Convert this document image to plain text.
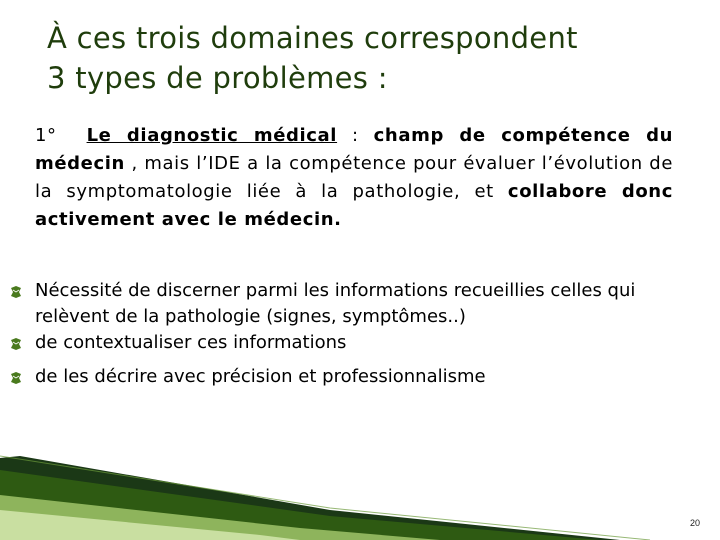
À ces trois domaines correspondent
3 types de problèmes :
1° Le diagnostic médical : champ de compétence du médecin , mais l’IDE a la compétence pour évaluer l’évolution de la symptomatologie liée à la pathologie, et collabore donc activement avec le médecin.
Nécessité de discerner parmi les informations recueillies celles qui relèvent de la pathologie (signes, symptômes..)
de contextualiser ces informations
de les décrire avec précision et professionnalisme
20
